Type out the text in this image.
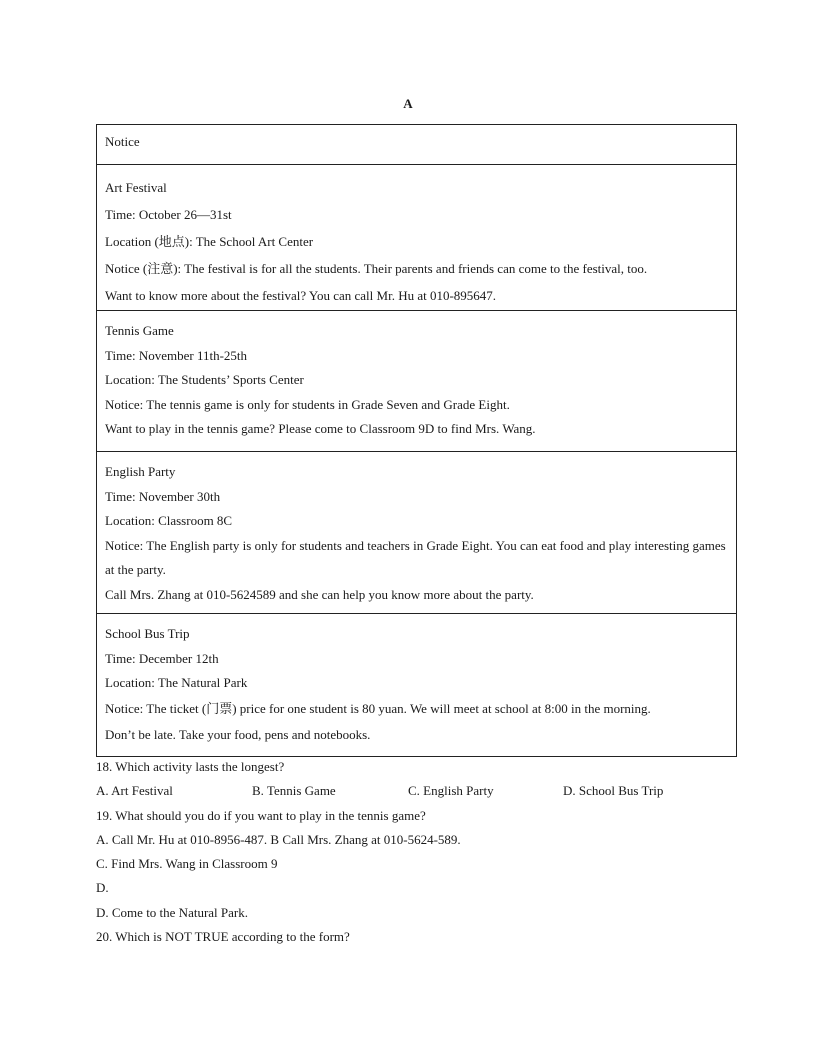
A
Notice

Art Festival
Time: October 26—31st
Location (地点): The School Art Center
Notice (注意): The festival is for all the students. Their parents and friends can come to the festival, too.
Want to know more about the festival? You can call Mr. Hu at 010-895647.

Tennis Game
Time: November 11th-25th
Location: The Students’ Sports Center
Notice: The tennis game is only for students in Grade Seven and Grade Eight.
Want to play in the tennis game? Please come to Classroom 9D to find Mrs. Wang.

English Party
Time: November 30th
Location: Classroom 8C
Notice: The English party is only for students and teachers in Grade Eight. You can eat food and play interesting games at the party.
Call Mrs. Zhang at 010-5624589 and she can help you know more about the party.

School Bus Trip
Time: December 12th
Location: The Natural Park
Notice: The ticket (门票) price for one student is 80 yuan. We will meet at school at 8:00 in the morning.
Don’t be late. Take your food, pens and notebooks.
18. Which activity lasts the longest?
A. Art Festival	B. Tennis Game	C. English Party	D. School Bus Trip
19. What should you do if you want to play in the tennis game?
A. Call Mr. Hu at 010-8956-487. B Call Mrs. Zhang at 010-5624-589.
C. Find Mrs. Wang in Classroom 9
D.
D. Come to the Natural Park.
20. Which is NOT TRUE according to the form?
